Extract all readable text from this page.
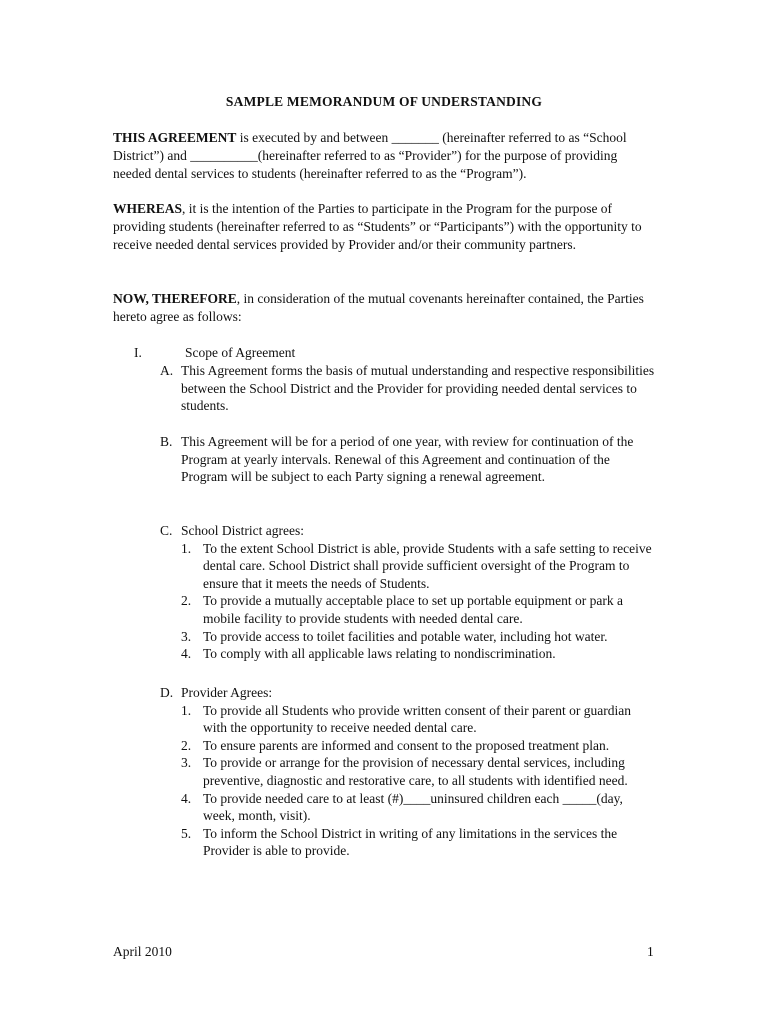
SAMPLE MEMORANDUM OF UNDERSTANDING
THIS AGREEMENT is executed by and between _______ (hereinafter referred to as “School District”) and __________(hereinafter referred to as “Provider”) for the purpose of providing needed dental services to students (hereinafter referred to as the “Program”).
WHEREAS, it is the intention of the Parties to participate in the Program for the purpose of providing students (hereinafter referred to as “Students” or “Participants”) with the opportunity to receive needed dental services provided by Provider and/or their community partners.
NOW, THEREFORE, in consideration of the mutual covenants hereinafter contained, the Parties hereto agree as follows:
I.	Scope of Agreement
A. This Agreement forms the basis of mutual understanding and respective responsibilities between the School District and the Provider for providing needed dental services to students.
B. This Agreement will be for a period of one year, with review for continuation of the Program at yearly intervals. Renewal of this Agreement and continuation of the Program will be subject to each Party signing a renewal agreement.
C. School District agrees:
1. To the extent School District is able, provide Students with a safe setting to receive dental care. School District shall provide sufficient oversight of the Program to ensure that it meets the needs of Students.
2. To provide a mutually acceptable place to set up portable equipment or park a mobile facility to provide students with needed dental care.
3. To provide access to toilet facilities and potable water, including hot water.
4. To comply with all applicable laws relating to nondiscrimination.
D. Provider Agrees:
1. To provide all Students who provide written consent of their parent or guardian with the opportunity to receive needed dental care.
2. To ensure parents are informed and consent to the proposed treatment plan.
3. To provide or arrange for the provision of necessary dental services, including preventive, diagnostic and restorative care, to all students with identified need.
4. To provide needed care to at least (#)____uninsured children each _____(day, week, month, visit).
5. To inform the School District in writing of any limitations in the services the Provider is able to provide.
April 2010	1
